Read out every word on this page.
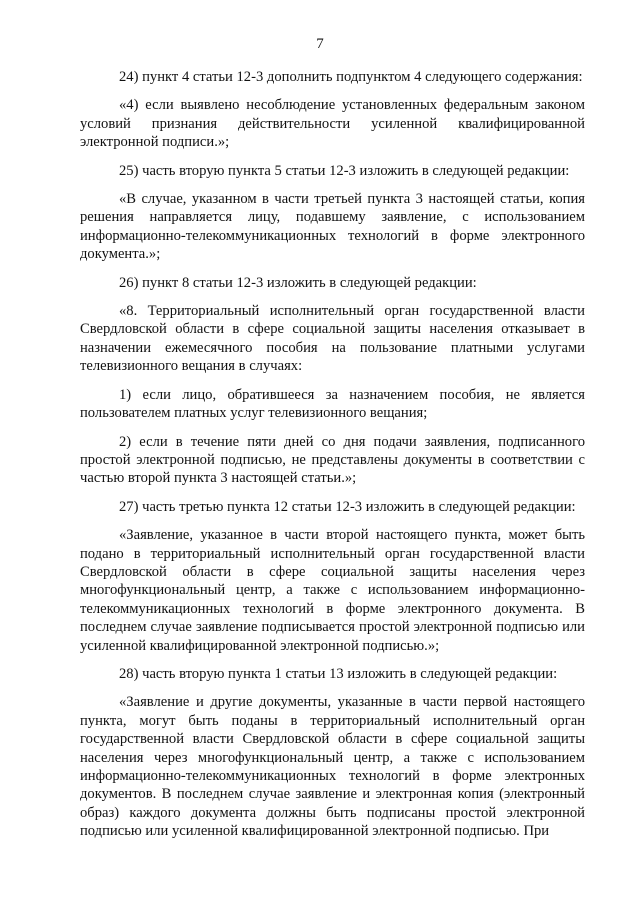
7

24) пункт 4 статьи 12-3 дополнить подпунктом 4 следующего содержания:

«4) если выявлено несоблюдение установленных федеральным законом условий признания действительности усиленной квалифицированной электронной подписи.»;

25) часть вторую пункта 5 статьи 12-3 изложить в следующей редакции:

«В случае, указанном в части третьей пункта 3 настоящей статьи, копия решения направляется лицу, подавшему заявление, с использованием информационно-телекоммуникационных технологий в форме электронного документа.»;

26) пункт 8 статьи 12-3 изложить в следующей редакции:

«8. Территориальный исполнительный орган государственной власти Свердловской области в сфере социальной защиты населения отказывает в назначении ежемесячного пособия на пользование платными услугами телевизионного вещания в случаях:

1) если лицо, обратившееся за назначением пособия, не является пользователем платных услуг телевизионного вещания;

2) если в течение пяти дней со дня подачи заявления, подписанного простой электронной подписью, не представлены документы в соответствии с частью второй пункта 3 настоящей статьи.»;

27) часть третью пункта 12 статьи 12-3 изложить в следующей редакции:

«Заявление, указанное в части второй настоящего пункта, может быть подано в территориальный исполнительный орган государственной власти Свердловской области в сфере социальной защиты населения через многофункциональный центр, а также с использованием информационно-телекоммуникационных технологий в форме электронного документа. В последнем случае заявление подписывается простой электронной подписью или усиленной квалифицированной электронной подписью.»;

28) часть вторую пункта 1 статьи 13 изложить в следующей редакции:

«Заявление и другие документы, указанные в части первой настоящего пункта, могут быть поданы в территориальный исполнительный орган государственной власти Свердловской области в сфере социальной защиты населения через многофункциональный центр, а также с использованием информационно-телекоммуникационных технологий в форме электронных документов. В последнем случае заявление и электронная копия (электронный образ) каждого документа должны быть подписаны простой электронной подписью или усиленной квалифицированной электронной подписью. При
